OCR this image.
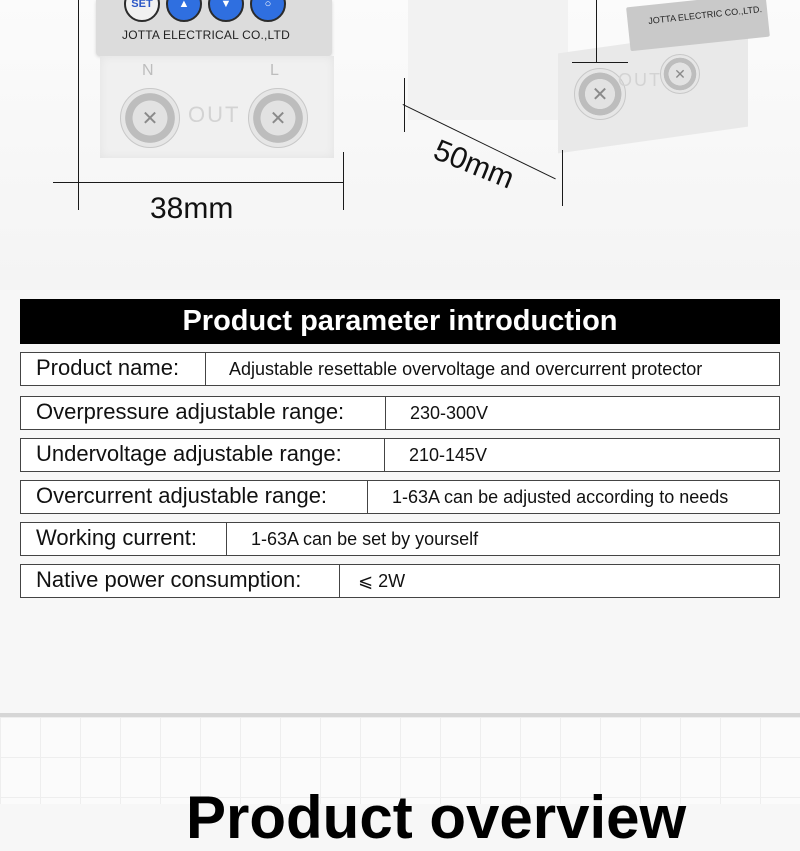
SET	▲	▼	○
JOTTA ELECTRICAL CO.,LTD
N	L
✕	✕
OUT
38mm
JOTTA ELECTRIC CO.,LTD.
✕
✕
OUT
50mm
Product parameter introduction
Product name:	Adjustable resettable overvoltage and overcurrent protector
Overpressure adjustable range:	230-300V
Undervoltage adjustable range:	210-145V
Overcurrent adjustable range:	1-63A can be adjusted according to needs
Working current:	1-63A can be set by yourself
Native power consumption:	⩽ 2W
Product overview
